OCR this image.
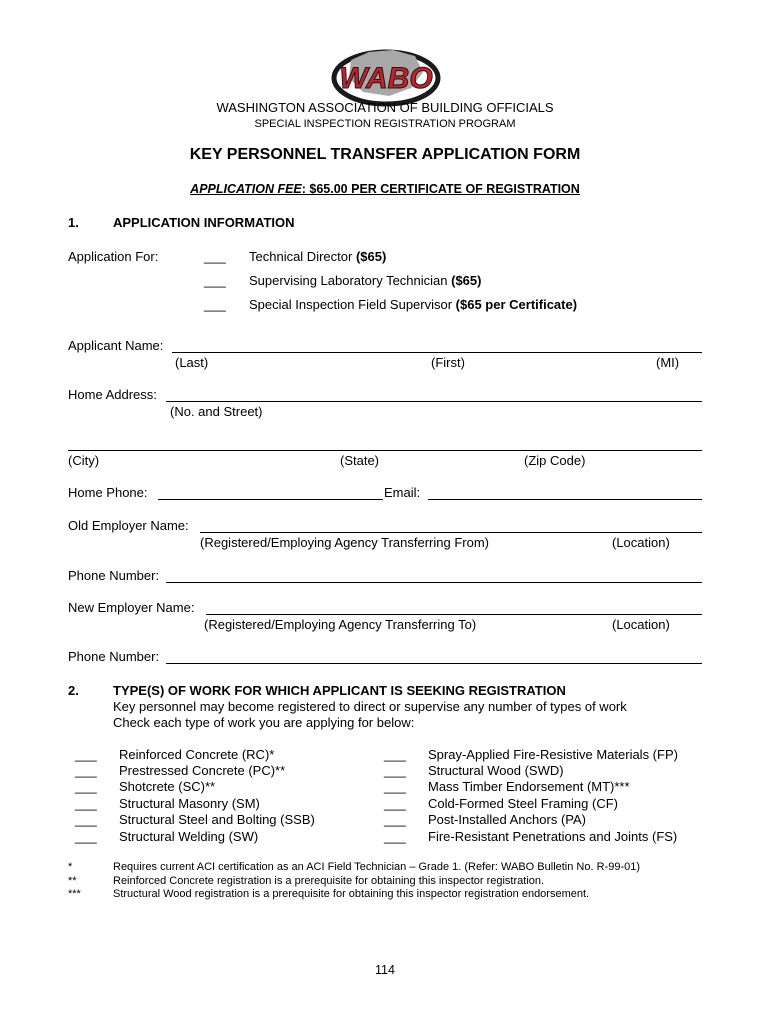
WABO
WASHINGTON ASSOCIATION OF BUILDING OFFICIALS
SPECIAL INSPECTION REGISTRATION PROGRAM
KEY PERSONNEL TRANSFER APPLICATION FORM
APPLICATION FEE: $65.00 PER CERTIFICATE OF REGISTRATION
1.	APPLICATION INFORMATION
Application For:	___ Technical Director ($65)
___ Supervising Laboratory Technician ($65)
___ Special Inspection Field Supervisor ($65 per Certificate)
Applicant Name:
(Last)	(First)	(MI)
Home Address:
(No. and Street)
(City)	(State)	(Zip Code)
Home Phone:	Email:
Old Employer Name:
(Registered/Employing Agency Transferring From)	(Location)
Phone Number:
New Employer Name:
(Registered/Employing Agency Transferring To)	(Location)
Phone Number:
2.	TYPE(S) OF WORK FOR WHICH APPLICANT IS SEEKING REGISTRATION
Key personnel may become registered to direct or supervise any number of types of work
Check each type of work you are applying for below:
___ Reinforced Concrete (RC)*
___ Prestressed Concrete (PC)**
___ Shotcrete (SC)**
___ Structural Masonry (SM)
___ Structural Steel and Bolting (SSB)
___ Structural Welding (SW)
___ Spray-Applied Fire-Resistive Materials (FP)
___ Structural Wood (SWD)
___ Mass Timber Endorsement (MT)***
___ Cold-Formed Steel Framing (CF)
___ Post-Installed Anchors (PA)
___ Fire-Resistant Penetrations and Joints (FS)
*	Requires current ACI certification as an ACI Field Technician – Grade 1. (Refer: WABO Bulletin No. R-99-01)
**	Reinforced Concrete registration is a prerequisite for obtaining this inspector registration.
***	Structural Wood registration is a prerequisite for obtaining this inspector registration endorsement.
114
